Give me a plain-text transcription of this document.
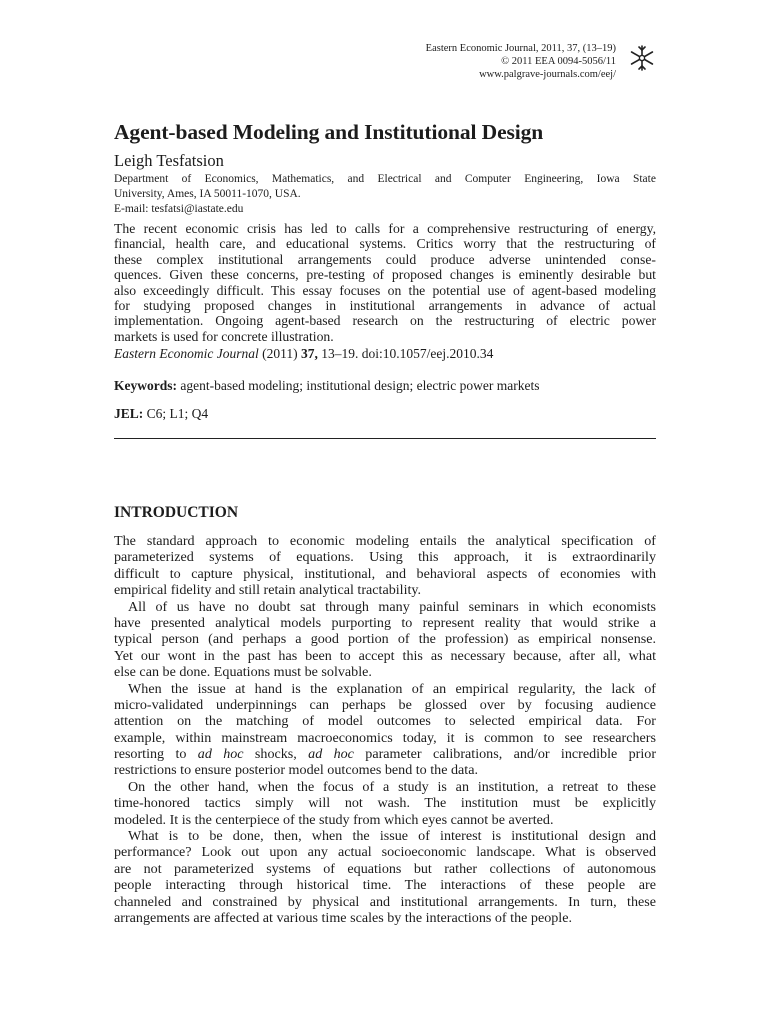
Eastern Economic Journal, 2011, 37, (13–19)
© 2011 EEA 0094-5056/11
www.palgrave-journals.com/eej/
Agent-based Modeling and Institutional Design
Leigh Tesfatsion
Department of Economics, Mathematics, and Electrical and Computer Engineering, Iowa State
University, Ames, IA 50011-1070, USA.
E-mail: tesfatsi@iastate.edu
The recent economic crisis has led to calls for a comprehensive restructuring of energy,
financial, health care, and educational systems. Critics worry that the restructuring of
these complex institutional arrangements could produce adverse unintended conse-
quences. Given these concerns, pre-testing of proposed changes is eminently desirable but
also exceedingly difficult. This essay focuses on the potential use of agent-based modeling
for studying proposed changes in institutional arrangements in advance of actual
implementation. Ongoing agent-based research on the restructuring of electric power
markets is used for concrete illustration.
Eastern Economic Journal (2011) 37, 13–19. doi:10.1057/eej.2010.34
Keywords: agent-based modeling; institutional design; electric power markets
JEL: C6; L1; Q4
INTRODUCTION
The standard approach to economic modeling entails the analytical specification of
parameterized systems of equations. Using this approach, it is extraordinarily
difficult to capture physical, institutional, and behavioral aspects of economies with
empirical fidelity and still retain analytical tractability.
All of us have no doubt sat through many painful seminars in which economists
have presented analytical models purporting to represent reality that would strike a
typical person (and perhaps a good portion of the profession) as empirical nonsense.
Yet our wont in the past has been to accept this as necessary because, after all, what
else can be done. Equations must be solvable.
When the issue at hand is the explanation of an empirical regularity, the lack of
micro-validated underpinnings can perhaps be glossed over by focusing audience
attention on the matching of model outcomes to selected empirical data. For
example, within mainstream macroeconomics today, it is common to see researchers
resorting to ad hoc shocks, ad hoc parameter calibrations, and/or incredible prior
restrictions to ensure posterior model outcomes bend to the data.
On the other hand, when the focus of a study is an institution, a retreat to these
time-honored tactics simply will not wash. The institution must be explicitly
modeled. It is the centerpiece of the study from which eyes cannot be averted.
What is to be done, then, when the issue of interest is institutional design and
performance? Look out upon any actual socioeconomic landscape. What is observed
are not parameterized systems of equations but rather collections of autonomous
people interacting through historical time. The interactions of these people are
channeled and constrained by physical and institutional arrangements. In turn, these
arrangements are affected at various time scales by the interactions of the people.
